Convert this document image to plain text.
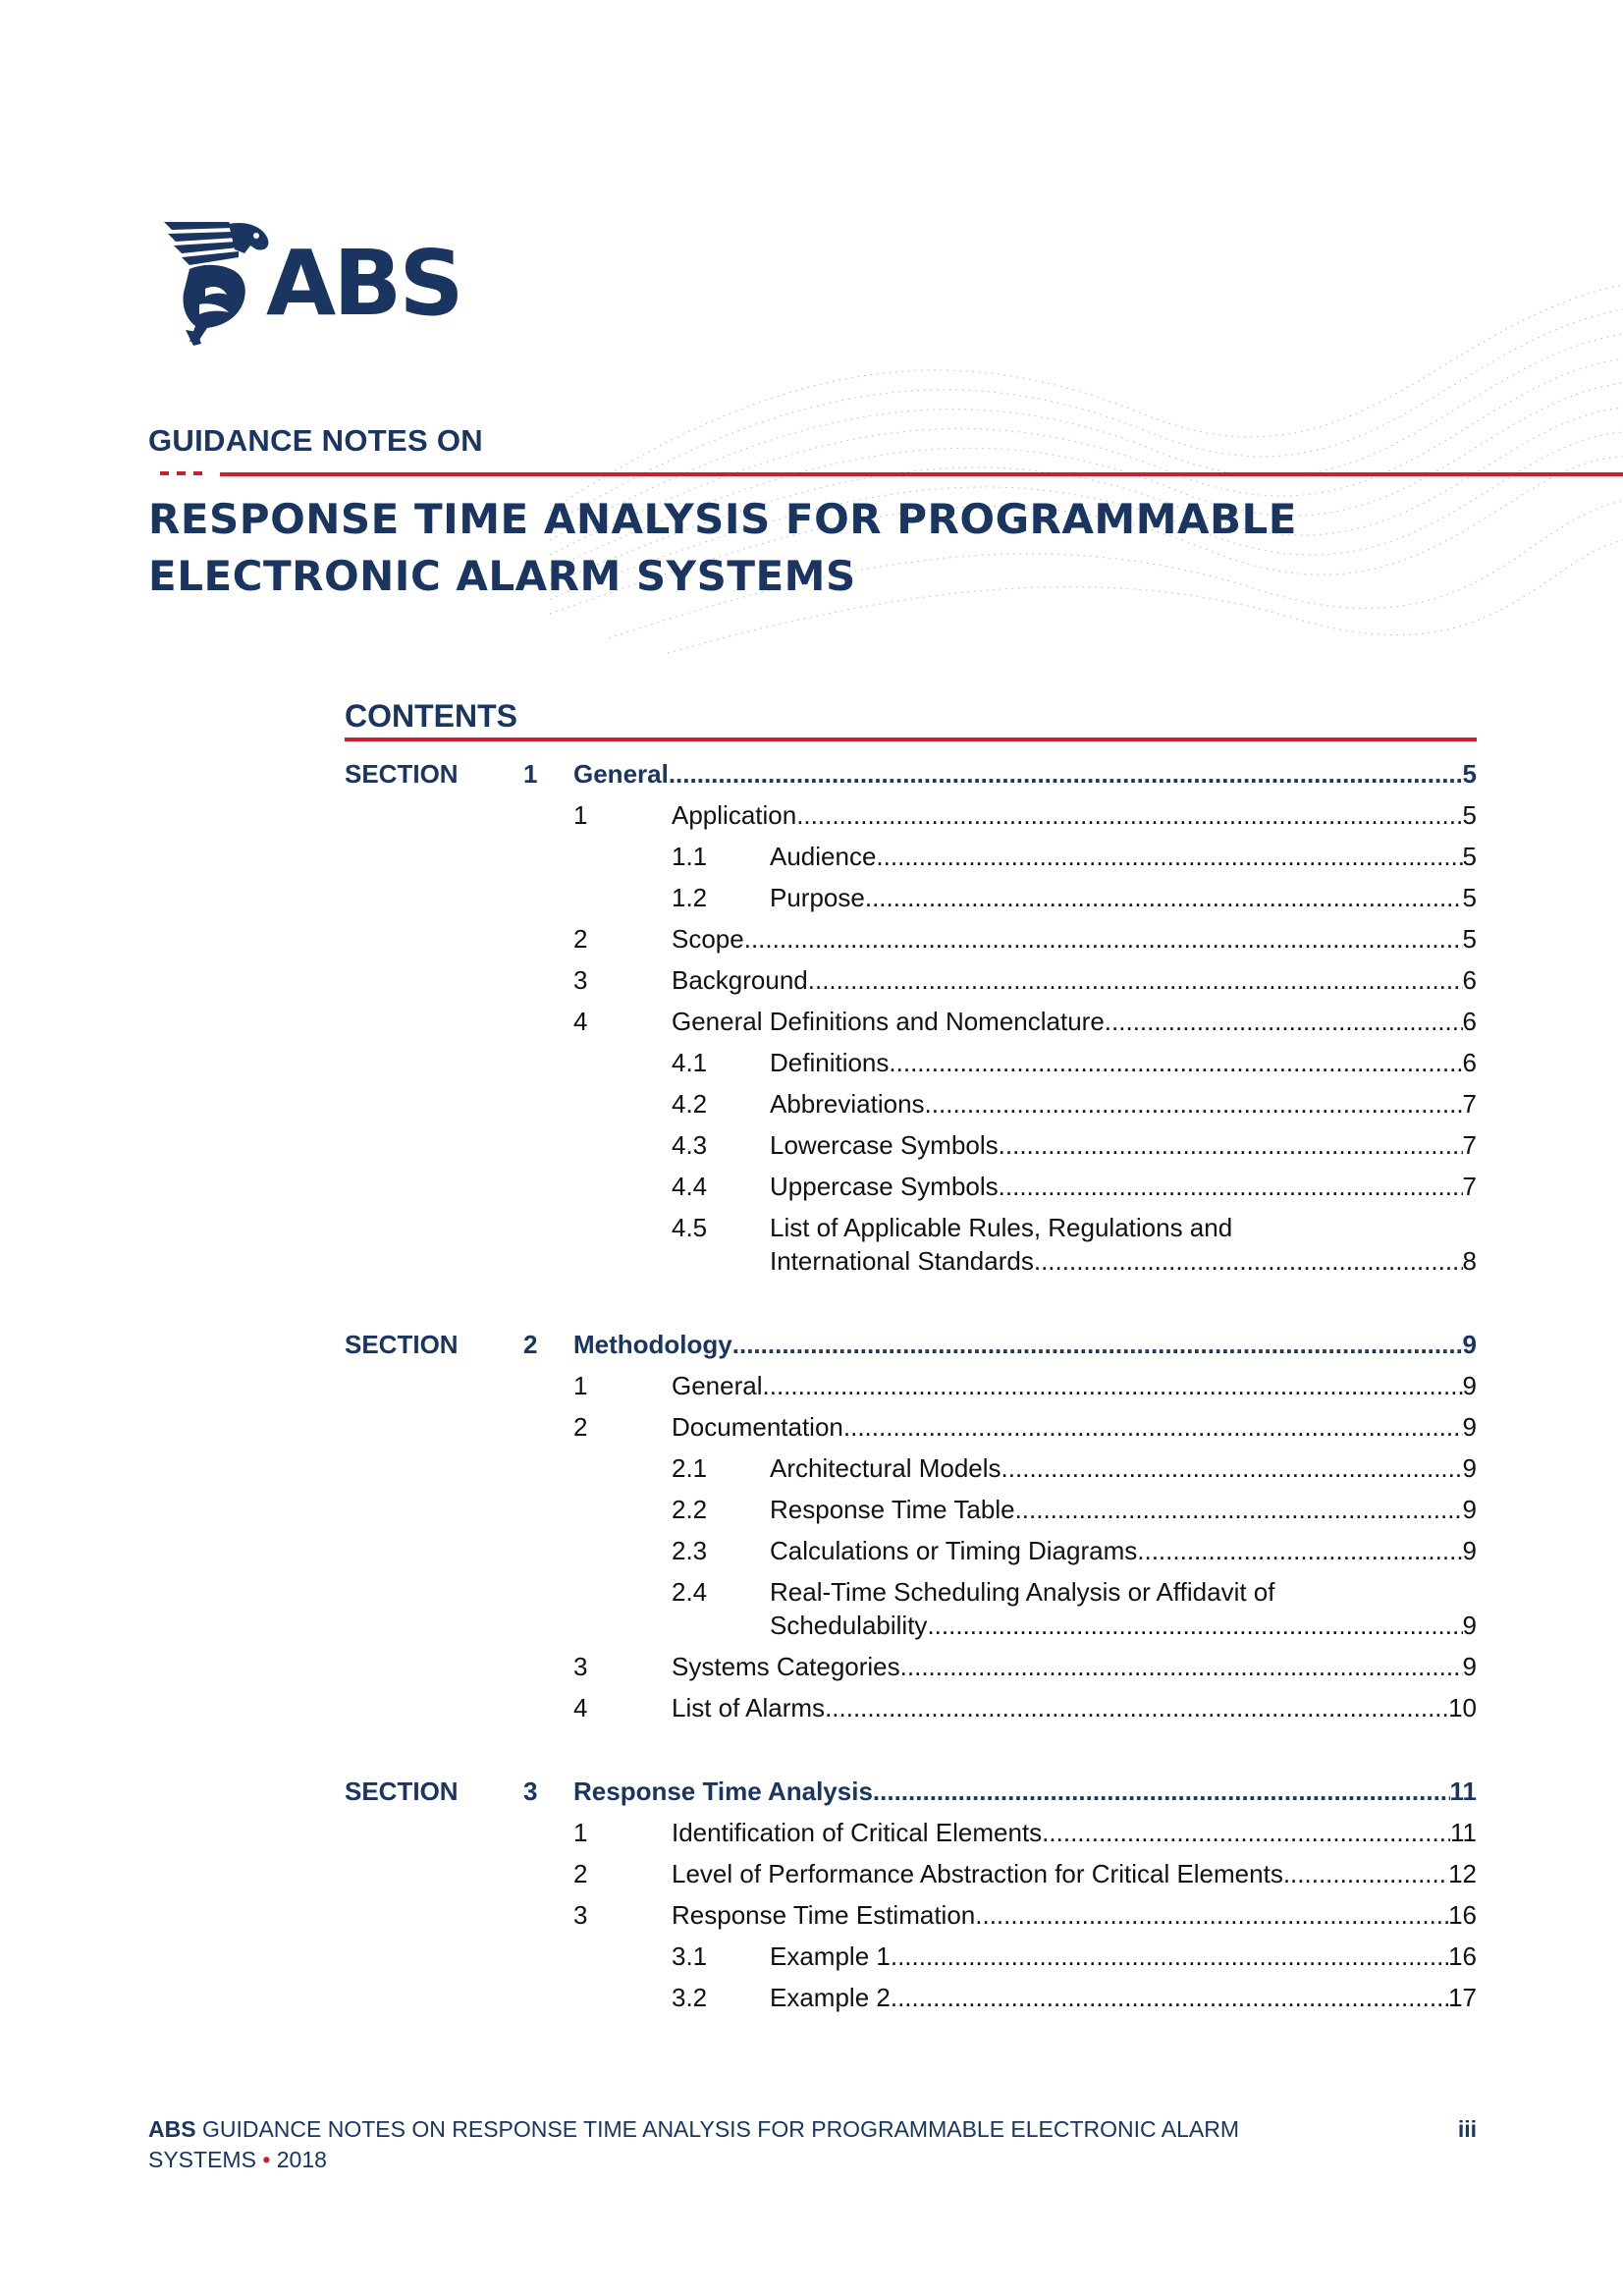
ABS
GUIDANCE NOTES ON
RESPONSE TIME ANALYSIS FOR PROGRAMMABLE
ELECTRONIC ALARM SYSTEMS
CONTENTS
SECTION	1 General .....	5
1	Application .....	5
1.1 Audience .....	5
1.2 Purpose .....	5
2	Scope .....	5
3	Background .....	6
4	General Definitions and Nomenclature .....	6
4.1 Definitions .....	6
4.2 Abbreviations .....	7
4.3 Lowercase Symbols .....	7
4.4 Uppercase Symbols .....	7
4.5 List of Applicable Rules, Regulations and
International Standards .....	8
SECTION	2 Methodology .....	9
1	General .....	9
2	Documentation .....	9
2.1 Architectural Models .....	9
2.2 Response Time Table .....	9
2.3 Calculations or Timing Diagrams .....	9
2.4 Real-Time Scheduling Analysis or Affidavit of
Schedulability .....	9
3	Systems Categories .....	9
4	List of Alarms .....	10
SECTION	3 Response Time Analysis .....	11
1	Identification of Critical Elements .....	11
2	Level of Performance Abstraction for Critical Elements .....	12
3	Response Time Estimation .....	16
3.1 Example 1 .....	16
3.2 Example 2 .....	17
ABS GUIDANCE NOTES ON RESPONSE TIME ANALYSIS FOR PROGRAMMABLE ELECTRONIC ALARM
SYSTEMS • 2018
iii
